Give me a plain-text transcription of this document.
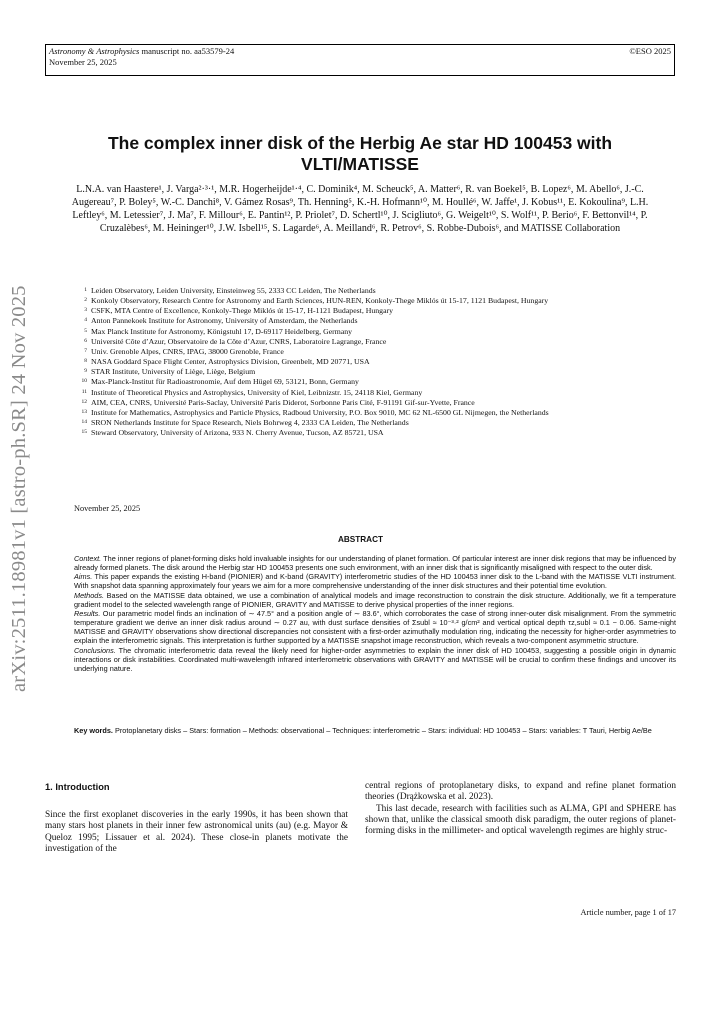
Astronomy & Astrophysics manuscript no. aa53579-24	©ESO 2025
November 25, 2025
arXiv:2511.18981v1 [astro-ph.SR] 24 Nov 2025
The complex inner disk of the Herbig Ae star HD 100453 with VLTI/MATISSE
L.N.A. van Haastere¹, J. Varga²·³·¹, M.R. Hogerheijde¹·⁴, C. Dominik⁴, M. Scheuck⁵, A. Matter⁶, R. van Boekel⁵, B. Lopez⁶, M. Abello⁶, J.-C. Augereau⁷, P. Boley⁵, W.-C. Danchi⁸, V. Gámez Rosas⁹, Th. Henning⁵, K.-H. Hofmann¹⁰, M. Houllé⁶, W. Jaffe¹, J. Kobus¹¹, E. Kokoulina⁹, L.H. Leftley⁶, M. Letessier⁷, J. Ma⁷, F. Millour⁶, E. Pantin¹², P. Priolet⁷, D. Schertl¹⁰, J. Scigliuto⁶, G. Weigelt¹⁰, S. Wolf¹¹, P. Berio⁶, F. Bettonvil¹⁴, P. Cruzalèbes⁶, M. Heininger¹⁰, J.W. Isbell¹⁵, S. Lagarde⁶, A. Meilland⁶, R. Petrov⁶, S. Robbe-Dubois⁶, and MATISSE Collaboration
1 Leiden Observatory, Leiden University, Einsteinweg 55, 2333 CC Leiden, The Netherlands
2 Konkoly Observatory, Research Centre for Astronomy and Earth Sciences, HUN-REN, Konkoly-Thege Miklós út 15-17, 1121 Budapest, Hungary
3 CSFK, MTA Centre of Excellence, Konkoly-Thege Miklós út 15-17, H-1121 Budapest, Hungary
4 Anton Pannekoek Institute for Astronomy, University of Amsterdam, the Netherlands
5 Max Planck Institute for Astronomy, Königstuhl 17, D-69117 Heidelberg, Germany
6 Université Côte d’Azur, Observatoire de la Côte d’Azur, CNRS, Laboratoire Lagrange, France
7 Univ. Grenoble Alpes, CNRS, IPAG, 38000 Grenoble, France
8 NASA Goddard Space Flight Center, Astrophysics Division, Greenbelt, MD 20771, USA
9 STAR Institute, University of Liège, Liège, Belgium
10 Max-Planck-Institut für Radioastronomie, Auf dem Hügel 69, 53121, Bonn, Germany
11 Institute of Theoretical Physics and Astrophysics, University of Kiel, Leibnizstr. 15, 24118 Kiel, Germany
12 AIM, CEA, CNRS, Université Paris-Saclay, Université Paris Diderot, Sorbonne Paris Cité, F-91191 Gif-sur-Yvette, France
13 Institute for Mathematics, Astrophysics and Particle Physics, Radboud University, P.O. Box 9010, MC 62 NL-6500 GL Nijmegen, the Netherlands
14 SRON Netherlands Institute for Space Research, Niels Bohrweg 4, 2333 CA Leiden, The Netherlands
15 Steward Observatory, University of Arizona, 933 N. Cherry Avenue, Tucson, AZ 85721, USA
November 25, 2025
ABSTRACT

Context. The inner regions of planet-forming disks hold invaluable insights for our understanding of planet formation. Of particular interest are inner disk regions that may be influenced by already formed planets. The disk around the Herbig star HD 100453 presents one such environment, with an inner disk that is significantly misaligned with respect to the outer disk.

Aims. This paper expands the existing H-band (PIONIER) and K-band (GRAVITY) interferometric studies of the HD 100453 inner disk to the L-band with the MATISSE VLTI instrument. With snapshot data spanning approximately four years we aim for a more comprehensive understanding of the inner disk structures and their potential time evolution.

Methods. Based on the MATISSE data obtained, we use a combination of analytical models and image reconstruction to constrain the disk structure. Additionally, we fit a temperature gradient model to the selected wavelength range of PIONIER, GRAVITY and MATISSE to derive physical properties of the inner regions.

Results. Our parametric model finds an inclination of ∼ 47.5° and a position angle of ∼ 83.6°, which corroborates the case of strong inner-outer disk misalignment. From the symmetric temperature gradient we derive an inner disk radius around ∼ 0.27 au, with dust surface densities of Σsubl ≈ 10⁻³·² g/cm² and vertical optical depth τz,subl ≈ 0.1 − 0.06. Same-night MATISSE and GRAVITY observations show directional discrepancies not consistent with a first-order azimuthally modulation ring, indicating the necessity for higher-order asymmetries to explain the interferometric signals. This interpretation is further supported by a MATISSE snapshot image reconstruction, which reveals a two-component asymmetric structure.

Conclusions. The chromatic interferometric data reveal the likely need for higher-order asymmetries to explain the inner disk of HD 100453, suggesting a possible origin in dynamic interactions or disk instabilities. Coordinated multi-wavelength infrared interferometric observations with GRAVITY and MATISSE will be crucial to confirm these findings and uncover its underlying nature.

Key words. Protoplanetary disks – Stars: formation – Methods: observational – Techniques: interferometric – Stars: individual: HD 100453 – Stars: variables: T Tauri, Herbig Ae/Be
1. Introduction

Since the first exoplanet discoveries in the early 1990s, it has been shown that many stars host planets in their inner few astronomical units (au) (e.g. Mayor & Queloz 1995; Lissauer et al. 2024). These close-in planets motivate the investigation of the

central regions of protoplanetary disks, to expand and refine planet formation theories (Drążkowska et al. 2023).

This last decade, research with facilities such as ALMA, GPI and SPHERE has shown that, unlike the classical smooth disk paradigm, the outer regions of planet-forming disks in the millimeter- and optical wavelength regimes are highly struc-

Article number, page 1 of 17
